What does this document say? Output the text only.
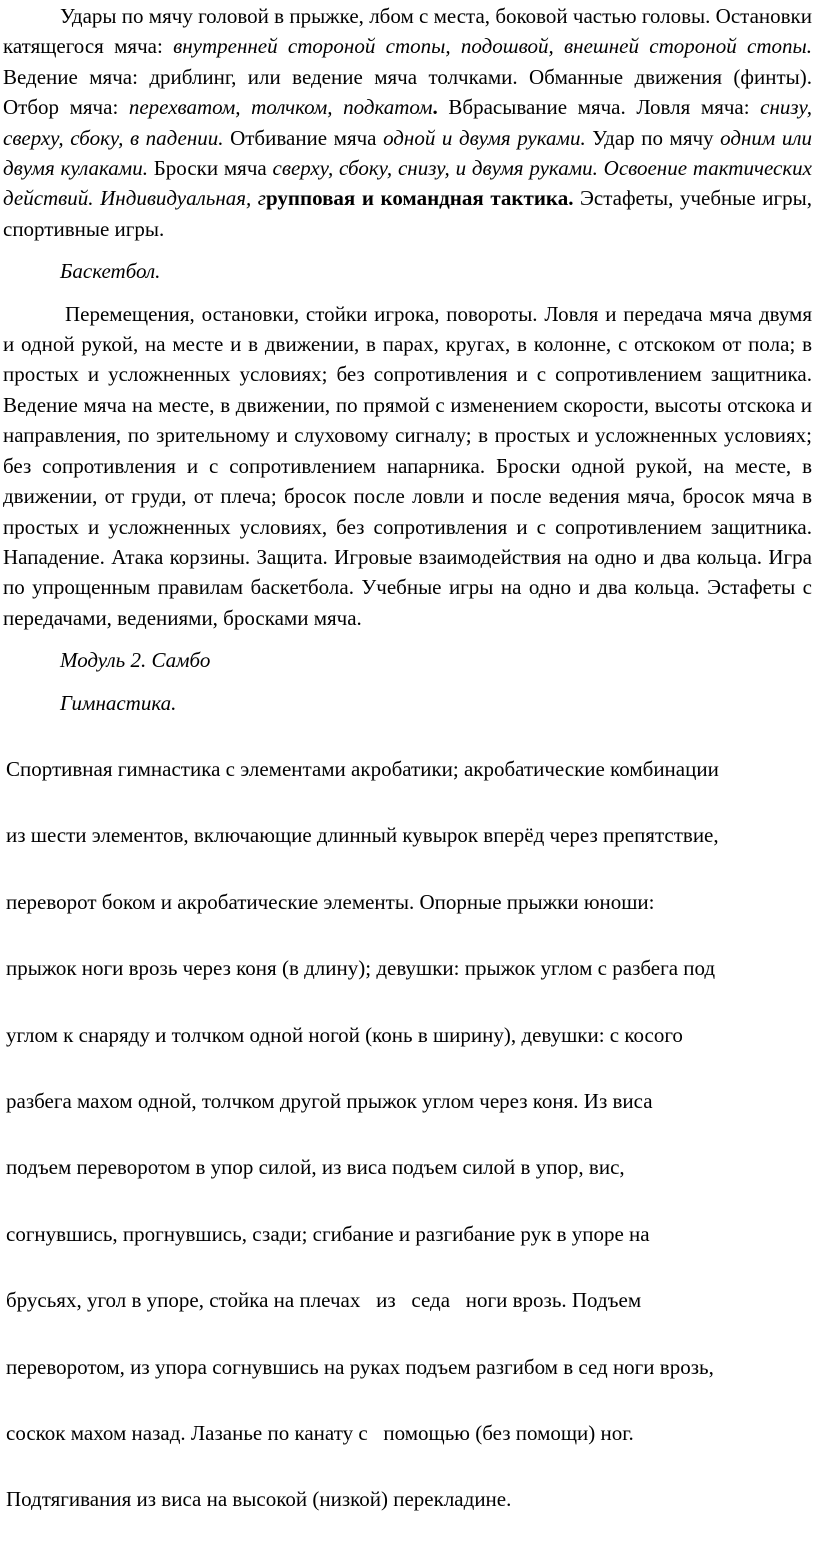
Удары по мячу головой в прыжке, лбом с места, боковой частью головы. Остановки катящегося мяча: внутренней стороной стопы, подошвой, внешней стороной стопы. Ведение мяча: дриблинг, или ведение мяча толчками. Обманные движения (финты). Отбор мяча: перехватом, толчком, подкатом. Вбрасывание мяча. Ловля мяча: снизу, сверху, сбоку, в падении. Отбивание мяча одной и двумя руками. Удар по мячу одним или двумя кулаками. Броски мяча сверху, сбоку, снизу, и двумя руками. Освоение тактических действий. Индивидуальная, групповая и командная тактика. Эстафеты, учебные игры, спортивные игры.

Баскетбол.

Перемещения, остановки, стойки игрока, повороты. Ловля и передача мяча двумя и одной рукой, на месте и в движении, в парах, кругах, в колонне, с отскоком от пола; в простых и усложненных условиях; без сопротивления и с сопротивлением защитника. Ведение мяча на месте, в движении, по прямой с изменением скорости, высоты отскока и направления, по зрительному и слуховому сигналу; в простых и усложненных условиях; без сопротивления и с сопротивлением напарника. Броски одной рукой, на месте, в движении, от груди, от плеча; бросок после ловли и после ведения мяча, бросок мяча в простых и усложненных условиях, без сопротивления и с сопротивлением защитника. Нападение. Атака корзины. Защита. Игровые взаимодействия на одно и два кольца. Игра по упрощенным правилам баскетбола. Учебные игры на одно и два кольца. Эстафеты с передачами, ведениями, бросками мяча.

Модуль 2. Самбо

Гимнастика.

Спортивная гимнастика с элементами акробатики; акробатические комбинации

из шести элементов, включающие длинный кувырок вперёд через препятствие,

переворот боком и акробатические элементы. Опорные прыжки юноши:

прыжок ноги врозь через коня (в длину); девушки: прыжок углом с разбега под

углом к снаряду и толчком одной ногой (конь в ширину), девушки: с косого

разбега махом одной, толчком другой прыжок углом через коня. Из виса

подъем переворотом в упор силой, из виса подъем силой в упор, вис,

согнувшись, прогнувшись, сзади; сгибание и разгибание рук в упоре на

брусьях, угол в упоре, стойка на плечах   из   седа   ноги врозь. Подъем

переворотом, из упора согнувшись на руках подъем разгибом в сед ноги врозь,

соскок махом назад. Лазанье по канату с   помощью (без помощи) ног.

Подтягивания из виса на высокой (низкой) перекладине.
